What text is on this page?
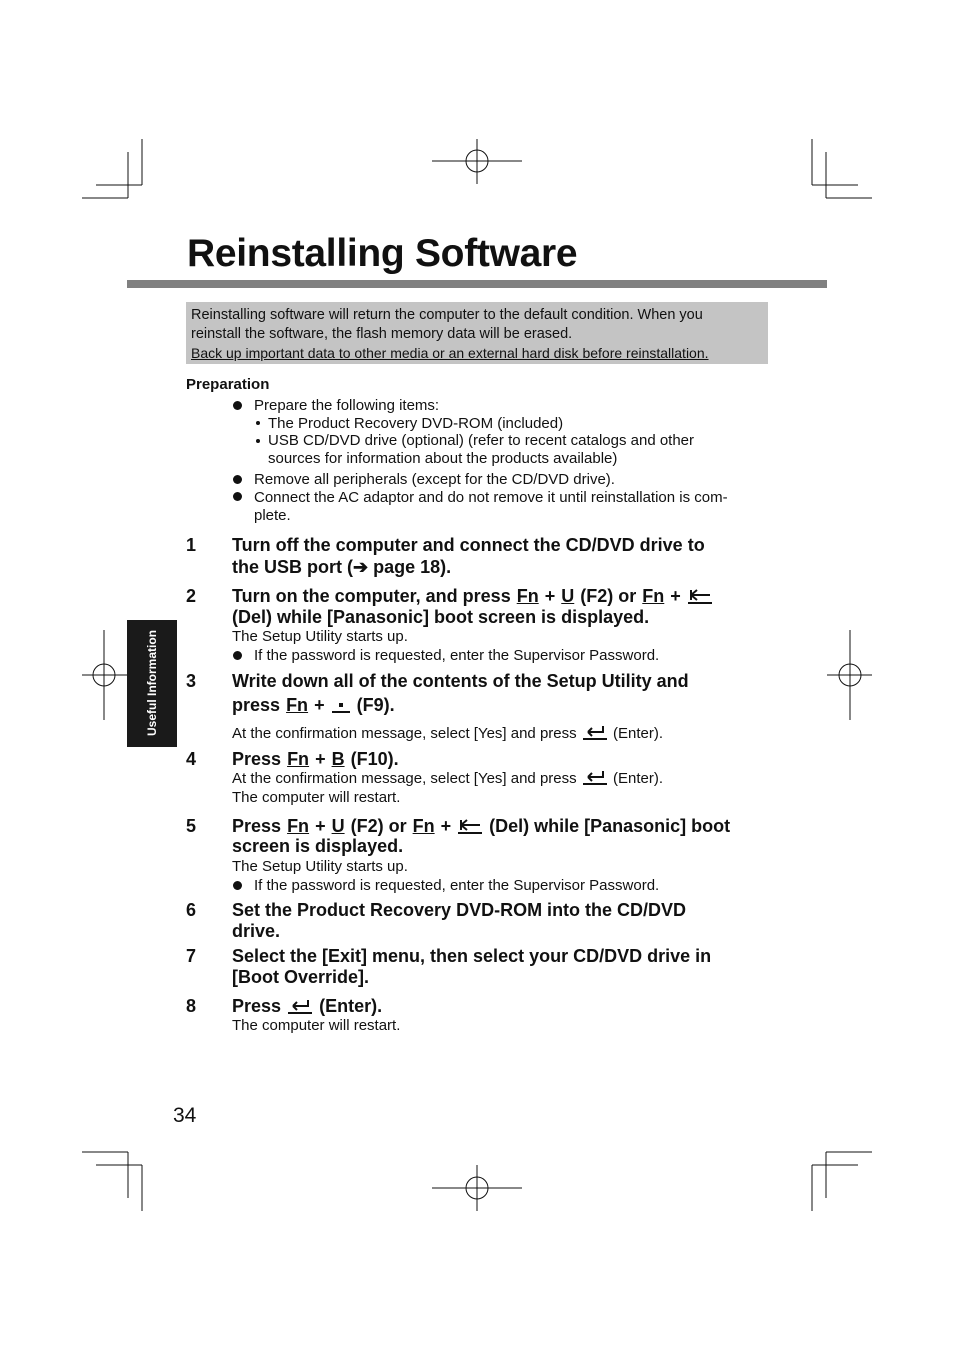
Reinstalling Software
Reinstalling software will return the computer to the default condition. When you
reinstall the software, the flash memory data will be erased.
Back up important data to other media or an external hard disk before reinstallation.
Useful Information
Preparation
Prepare the following items:
The Product Recovery DVD-ROM (included)
USB CD/DVD drive (optional) (refer to recent catalogs and other
sources for information about the products available)
Remove all peripherals (except for the CD/DVD drive).
Connect the AC adaptor and do not remove it until reinstallation is com-
plete.
1 Turn off the computer and connect the CD/DVD drive to
the USB port (➔ page 18).
2 Turn on the computer, and press Fn + U (F2) or Fn +
(Del) while [Panasonic] boot screen is displayed.
The Setup Utility starts up.
If the password is requested, enter the Supervisor Password.
3 Write down all of the contents of the Setup Utility and
press Fn +
(F9).
At the confirmation message, select [Yes] and press (Enter).
4 Press Fn + B (F10).
At the confirmation message, select [Yes] and press (Enter).
The computer will restart.
5 Press Fn + U (F2) or Fn +
(Del) while [Panasonic] boot
screen is displayed.
The Setup Utility starts up.
If the password is requested, enter the Supervisor Password.
6 Set the Product Recovery DVD-ROM into the CD/DVD
drive.
7 Select the [Exit] menu, then select your CD/DVD drive in
[Boot Override].
8 Press (Enter).
The computer will restart.
34
